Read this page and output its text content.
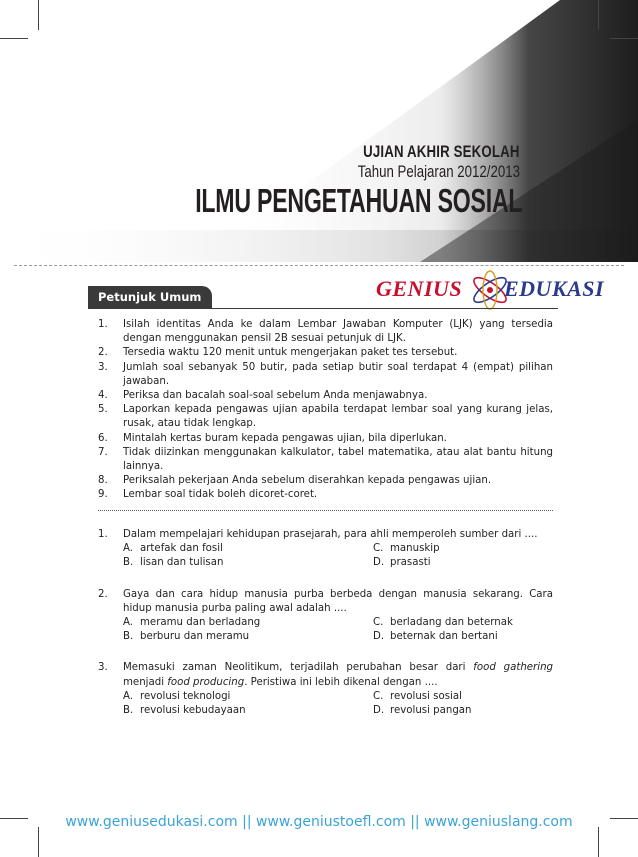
UJIAN AKHIR SEKOLAH
Tahun Pelajaran 2012/2013
ILMU PENGETAHUAN SOSIAL
GENIUS EDUKASI
Petunjuk Umum
1. Isilah identitas Anda ke dalam Lembar Jawaban Komputer (LJK) yang tersedia dengan menggunakan pensil 2B sesuai petunjuk di LJK.
2. Tersedia waktu 120 menit untuk mengerjakan paket tes tersebut.
3. Jumlah soal sebanyak 50 butir, pada setiap butir soal terdapat 4 (empat) pilihan jawaban.
4. Periksa dan bacalah soal-soal sebelum Anda menjawabnya.
5. Laporkan kepada pengawas ujian apabila terdapat lembar soal yang kurang jelas, rusak, atau tidak lengkap.
6. Mintalah kertas buram kepada pengawas ujian, bila diperlukan.
7. Tidak diizinkan menggunakan kalkulator, tabel matematika, atau alat bantu hitung lainnya.
8. Periksalah pekerjaan Anda sebelum diserahkan kepada pengawas ujian.
9. Lembar soal tidak boleh dicoret-coret.
1. Dalam mempelajari kehidupan prasejarah, para ahli memperoleh sumber dari ....
A. artefak dan fosil	C. manuskip
B. lisan dan tulisan	D. prasasti
2. Gaya dan cara hidup manusia purba berbeda dengan manusia sekarang. Cara hidup manusia purba paling awal adalah ....
A. meramu dan berladang	C. berladang dan beternak
B. berburu dan meramu	D. beternak dan bertani
3. Memasuki zaman Neolitikum, terjadilah perubahan besar dari food gathering menjadi food producing. Peristiwa ini lebih dikenal dengan ....
A. revolusi teknologi	C. revolusi sosial
B. revolusi kebudayaan	D. revolusi pangan
www.geniusedukasi.com || www.geniustoefl.com || www.geniuslang.com
